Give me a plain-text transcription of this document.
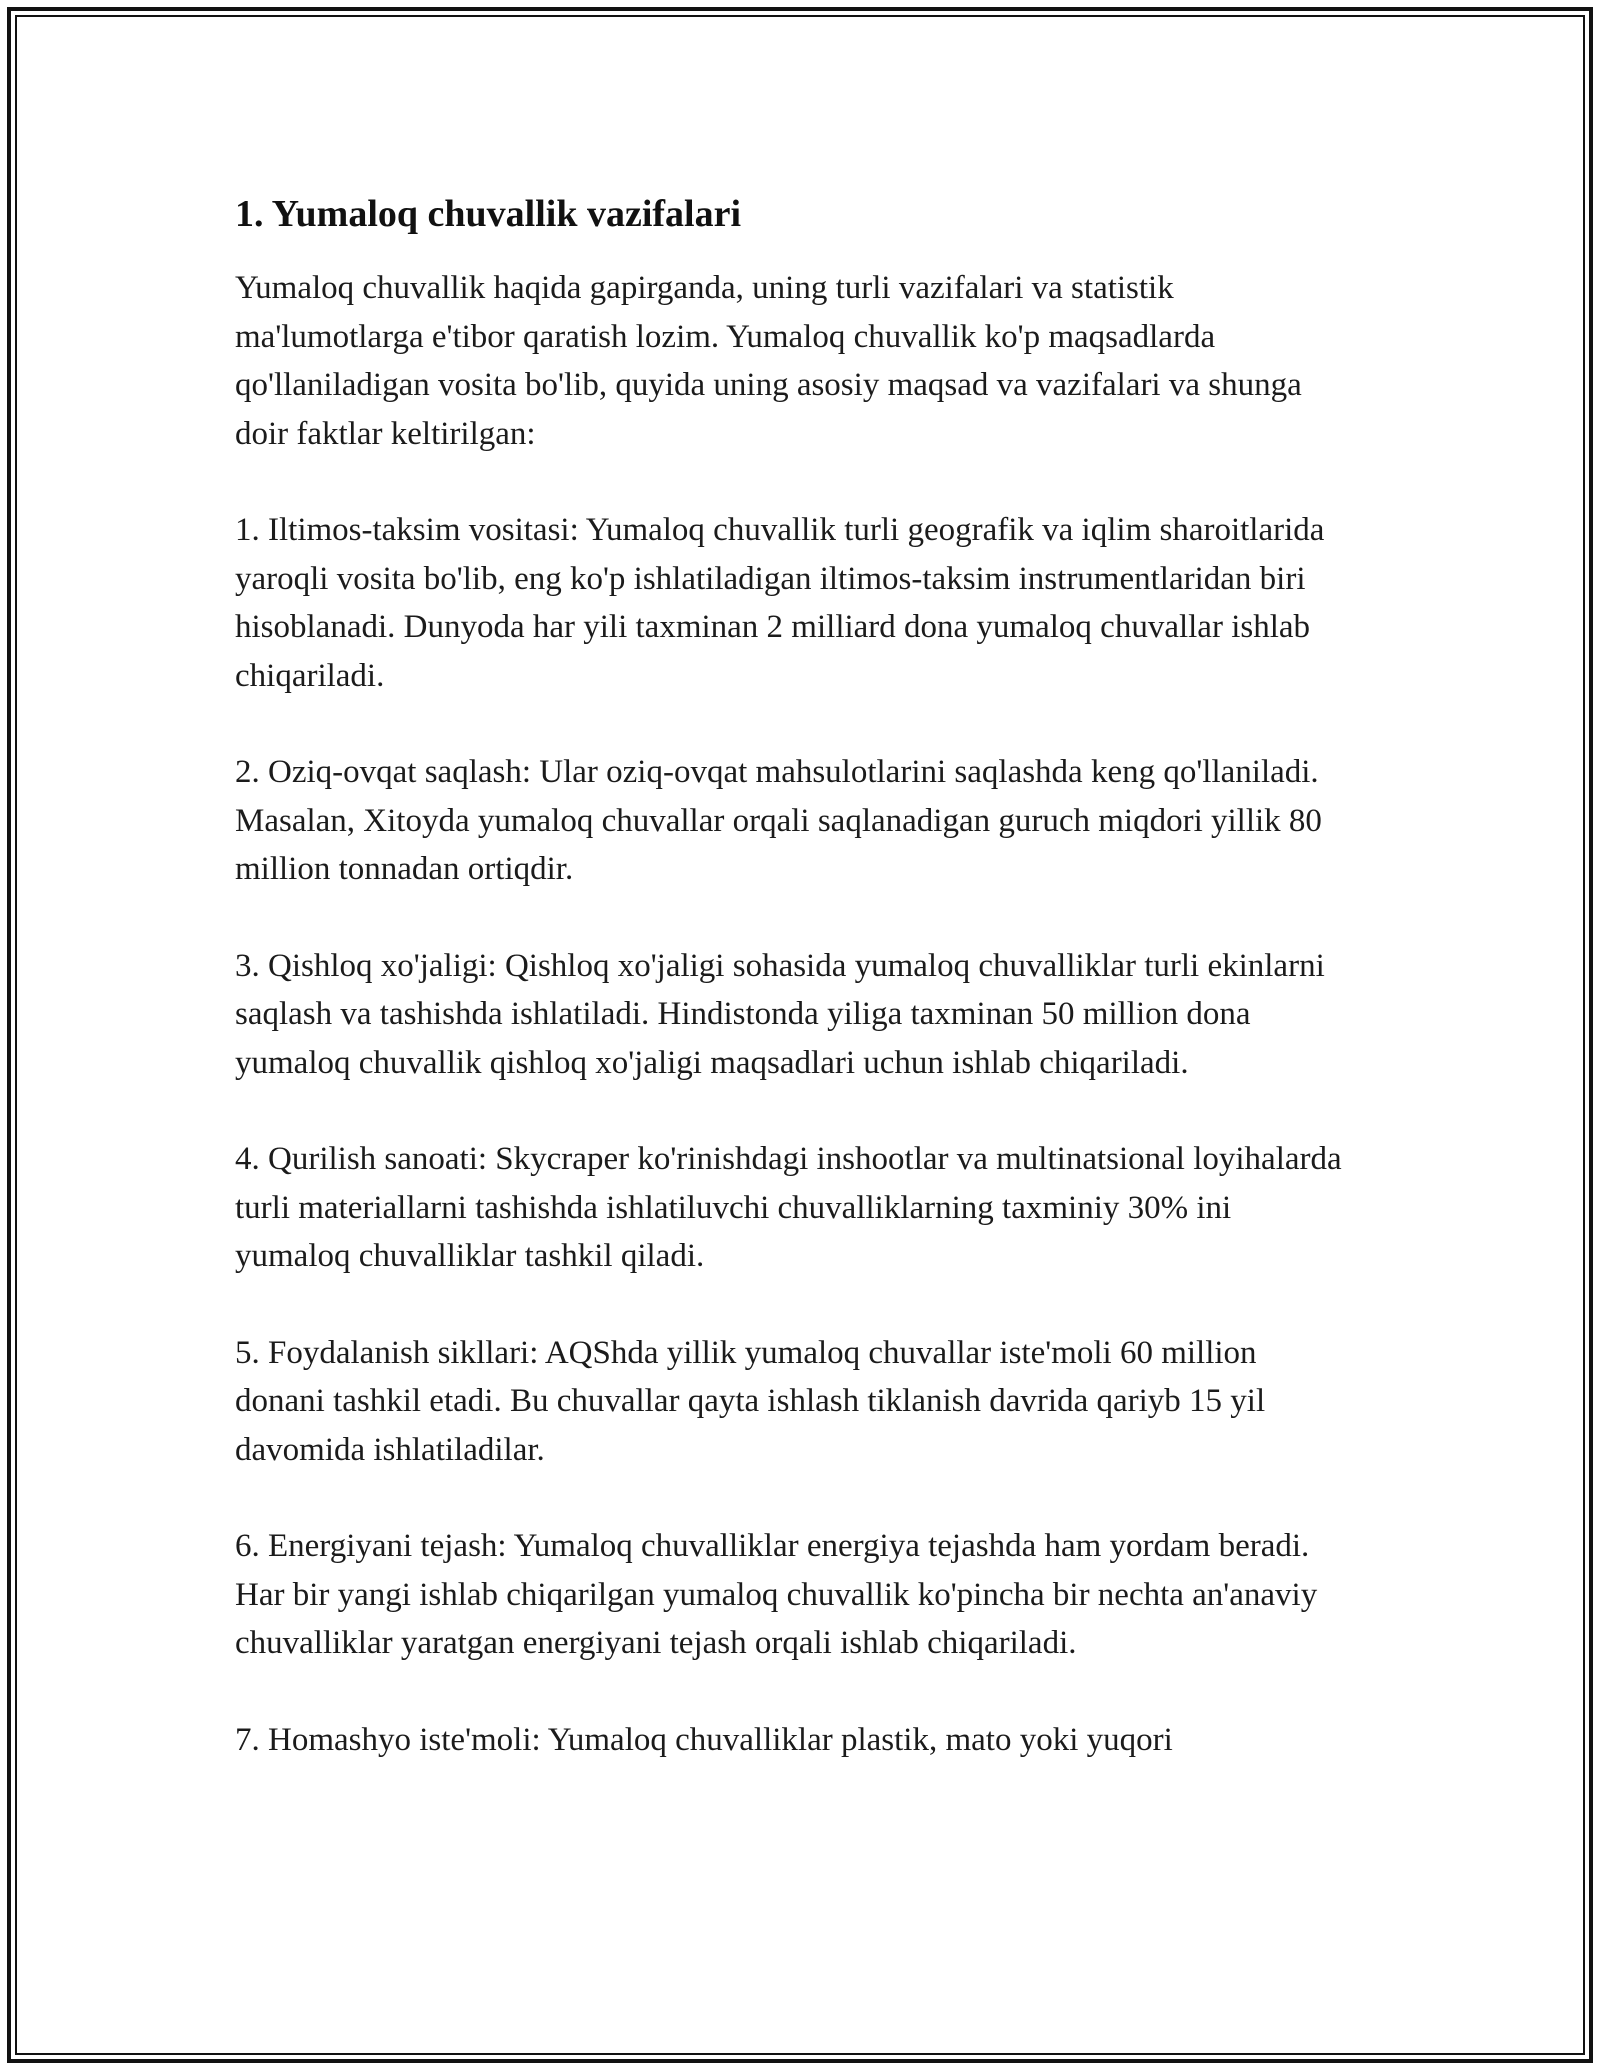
1. Yumaloq chuvallik vazifalari

Yumaloq chuvallik haqida gapirganda, uning turli vazifalari va statistik ma'lumotlarga e'tibor qaratish lozim. Yumaloq chuvallik ko'p maqsadlarda qo'llaniladigan vosita bo'lib, quyida uning asosiy maqsad va vazifalari va shunga doir faktlar keltirilgan:

1. Iltimos-taksim vositasi: Yumaloq chuvallik turli geografik va iqlim sharoitlarida yaroqli vosita bo'lib, eng ko'p ishlatiladigan iltimos-taksim instrumentlaridan biri hisoblanadi. Dunyoda har yili taxminan 2 milliard dona yumaloq chuvallar ishlab chiqariladi.

2. Oziq-ovqat saqlash: Ular oziq-ovqat mahsulotlarini saqlashda keng qo'llaniladi. Masalan, Xitoyda yumaloq chuvallar orqali saqlanadigan guruch miqdori yillik 80 million tonnadan ortiqdir.

3. Qishloq xo'jaligi: Qishloq xo'jaligi sohasida yumaloq chuvalliklar turli ekinlarni saqlash va tashishda ishlatiladi. Hindistonda yiliga taxminan 50 million dona yumaloq chuvallik qishloq xo'jaligi maqsadlari uchun ishlab chiqariladi.

4. Qurilish sanoati: Skycraper ko'rinishdagi inshootlar va multinatsional loyihalarda turli materiallarni tashishda ishlatiluvchi chuvalliklarning taxminiy 30% ini yumaloq chuvalliklar tashkil qiladi.

5. Foydalanish sikllari: AQShda yillik yumaloq chuvallar iste'moli 60 million donani tashkil etadi. Bu chuvallar qayta ishlash tiklanish davrida qariyb 15 yil davomida ishlatiladilar.

6. Energiyani tejash: Yumaloq chuvalliklar energiya tejashda ham yordam beradi. Har bir yangi ishlab chiqarilgan yumaloq chuvallik ko'pincha bir nechta an'anaviy chuvalliklar yaratgan energiyani tejash orqali ishlab chiqariladi.

7. Homashyo iste'moli: Yumaloq chuvalliklar plastik, mato yoki yuqori
